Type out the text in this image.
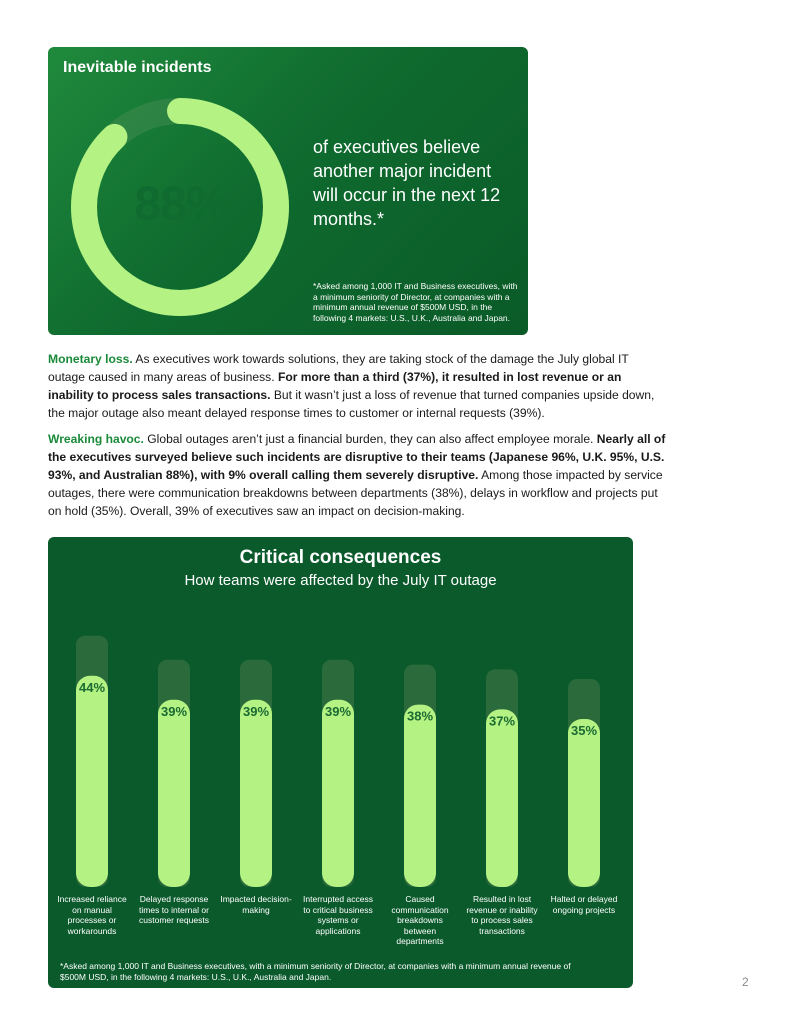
Inevitable incidents
88%
of executives believe another major incident will occur in the next 12 months.*
*Asked among 1,000 IT and Business executives, with a minimum seniority of Director, at companies with a minimum annual revenue of $500M USD, in the following 4 markets: U.S., U.K., Australia and Japan.

Monetary loss. As executives work towards solutions, they are taking stock of the damage the July global IT outage caused in many areas of business. For more than a third (37%), it resulted in lost revenue or an inability to process sales transactions. But it wasn’t just a loss of revenue that turned companies upside down, the major outage also meant delayed response times to customer or internal requests (39%).

Wreaking havoc. Global outages aren’t just a financial burden, they can also affect employee morale. Nearly all of the executives surveyed believe such incidents are disruptive to their teams (Japanese 96%, U.K. 95%, U.S. 93%, and Australian 88%), with 9% overall calling them severely disruptive. Among those impacted by service outages, there were communication breakdowns between departments (38%), delays in workflow and projects put on hold (35%). Overall, 39% of executives saw an impact on decision-making.

Critical consequences
How teams were affected by the July IT outage
44%
39%	39%	39%	38%	37%
35%
Increased reliance on manual processes or workarounds
Delayed response times to internal or customer requests
Impacted decision-making
Interrupted access to critical business systems or applications
Caused communication breakdowns between departments
Resulted in lost revenue or inability to process sales transactions
Halted or delayed ongoing projects
*Asked among 1,000 IT and Business executives, with a minimum seniority of Director, at companies with a minimum annual revenue of $500M USD, in the following 4 markets: U.S., U.K., Australia and Japan.	2
